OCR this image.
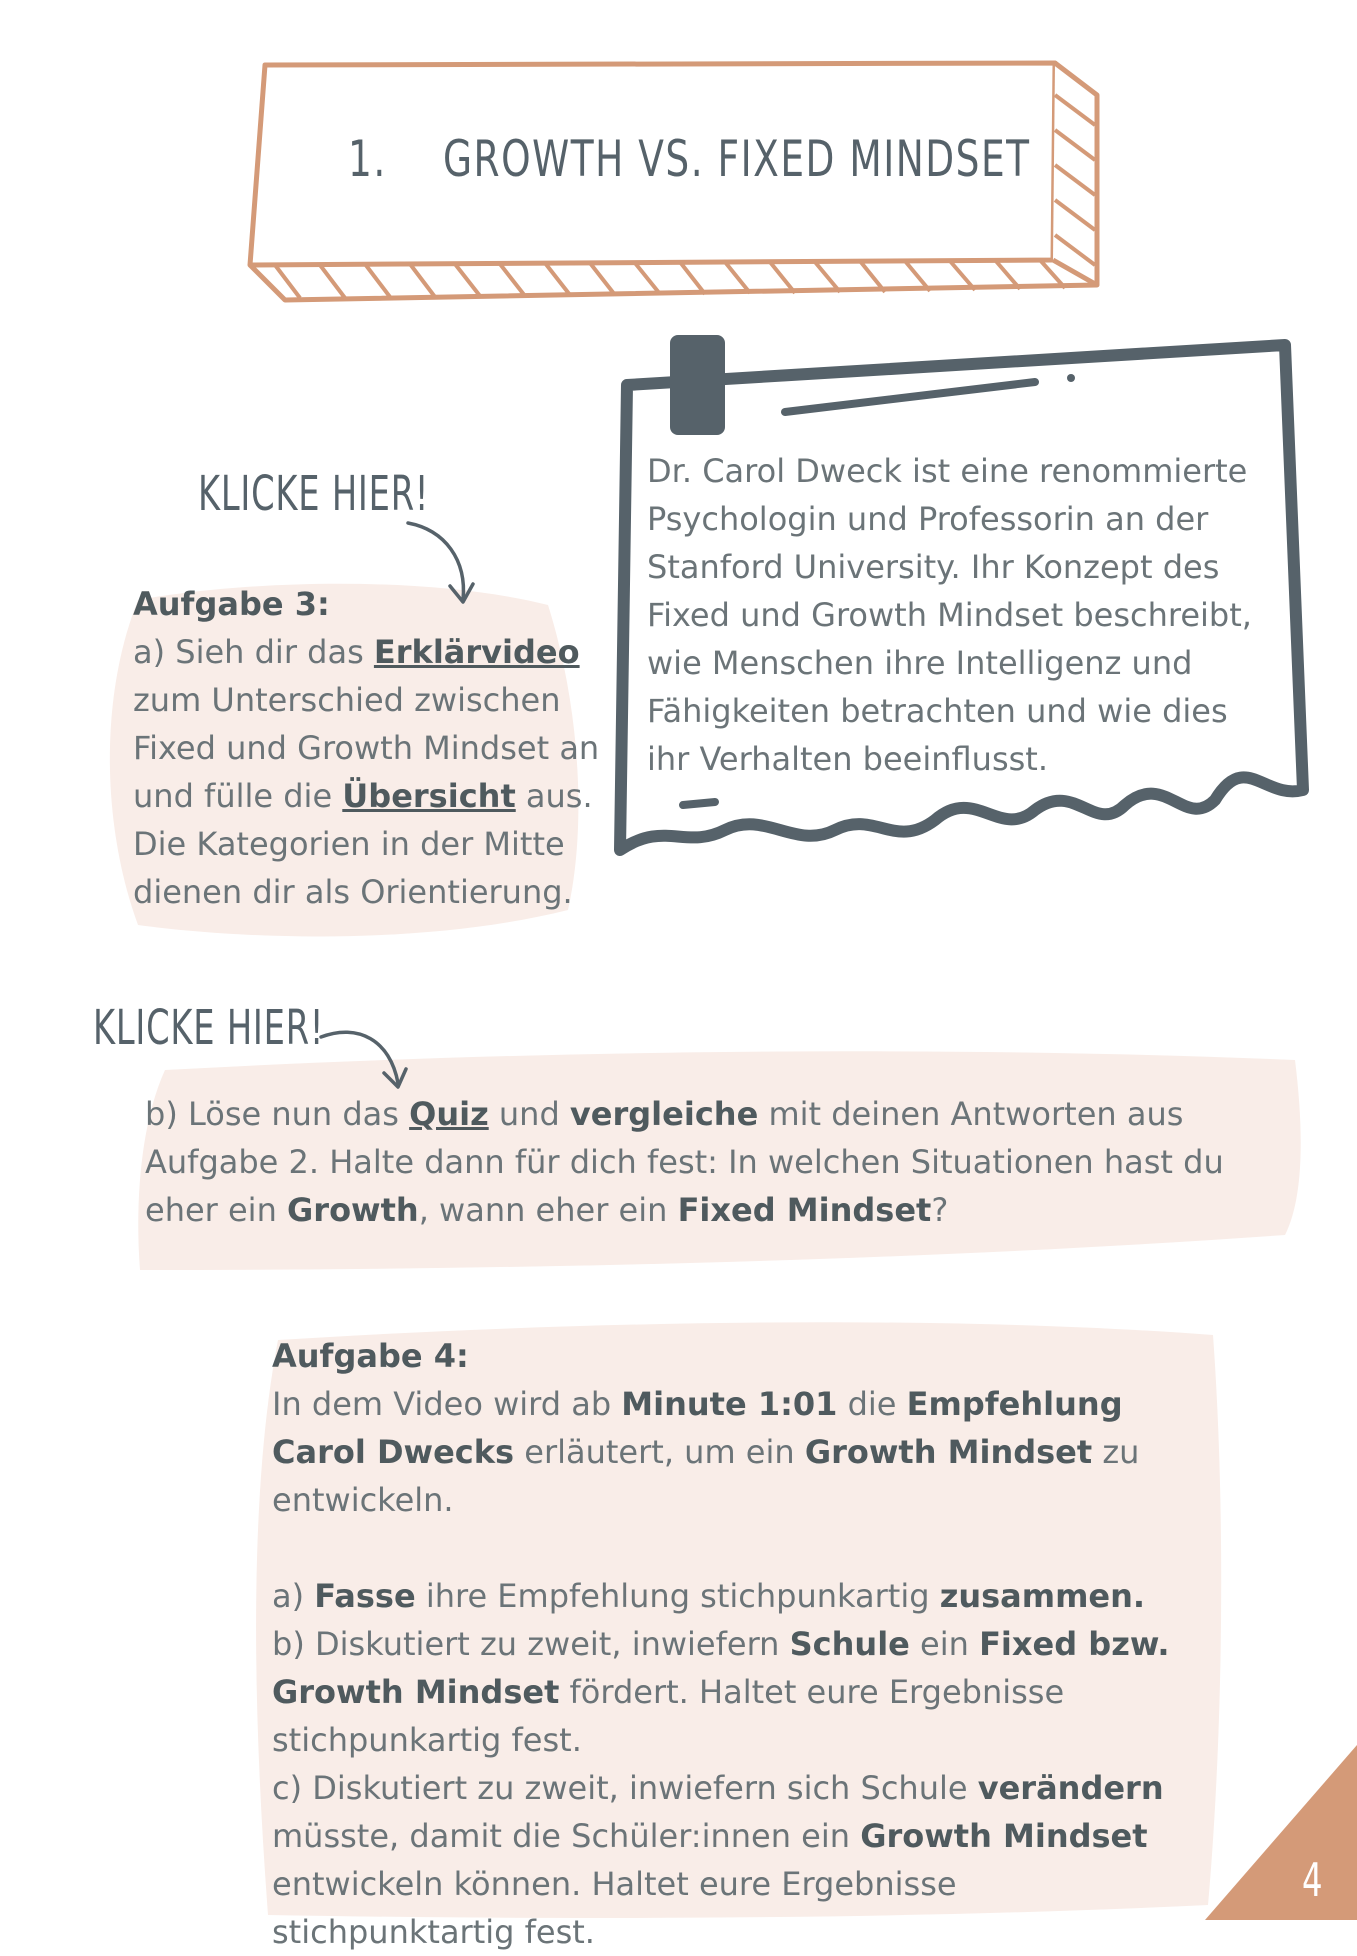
1. GROWTH VS. FIXED MINDSET
Dr. Carol Dweck ist eine renommierte Psychologin und Professorin an der Stanford University. Ihr Konzept des Fixed und Growth Mindset beschreibt, wie Menschen ihre Intelligenz und Fähigkeiten betrachten und wie dies ihr Verhalten beeinflusst.
KLICKE HIER!
Aufgabe 3:
a) Sieh dir das Erklärvideo zum Unterschied zwischen Fixed und Growth Mindset an und fülle die Übersicht aus. Die Kategorien in der Mitte dienen dir als Orientierung.
KLICKE HIER!
b) Löse nun das Quiz und vergleiche mit deinen Antworten aus Aufgabe 2. Halte dann für dich fest: In welchen Situationen hast du eher ein Growth, wann eher ein Fixed Mindset?
Aufgabe 4:
In dem Video wird ab Minute 1:01 die Empfehlung Carol Dwecks erläutert, um ein Growth Mindset zu entwickeln.
a) Fasse ihre Empfehlung stichpunkartig zusammen.
b) Diskutiert zu zweit, inwiefern Schule ein Fixed bzw. Growth Mindset fördert. Haltet eure Ergebnisse stichpunkartig fest.
c) Diskutiert zu zweit, inwiefern sich Schule verändern müsste, damit die Schüler:innen ein Growth Mindset entwickeln können. Haltet eure Ergebnisse stichpunktartig fest.
4
